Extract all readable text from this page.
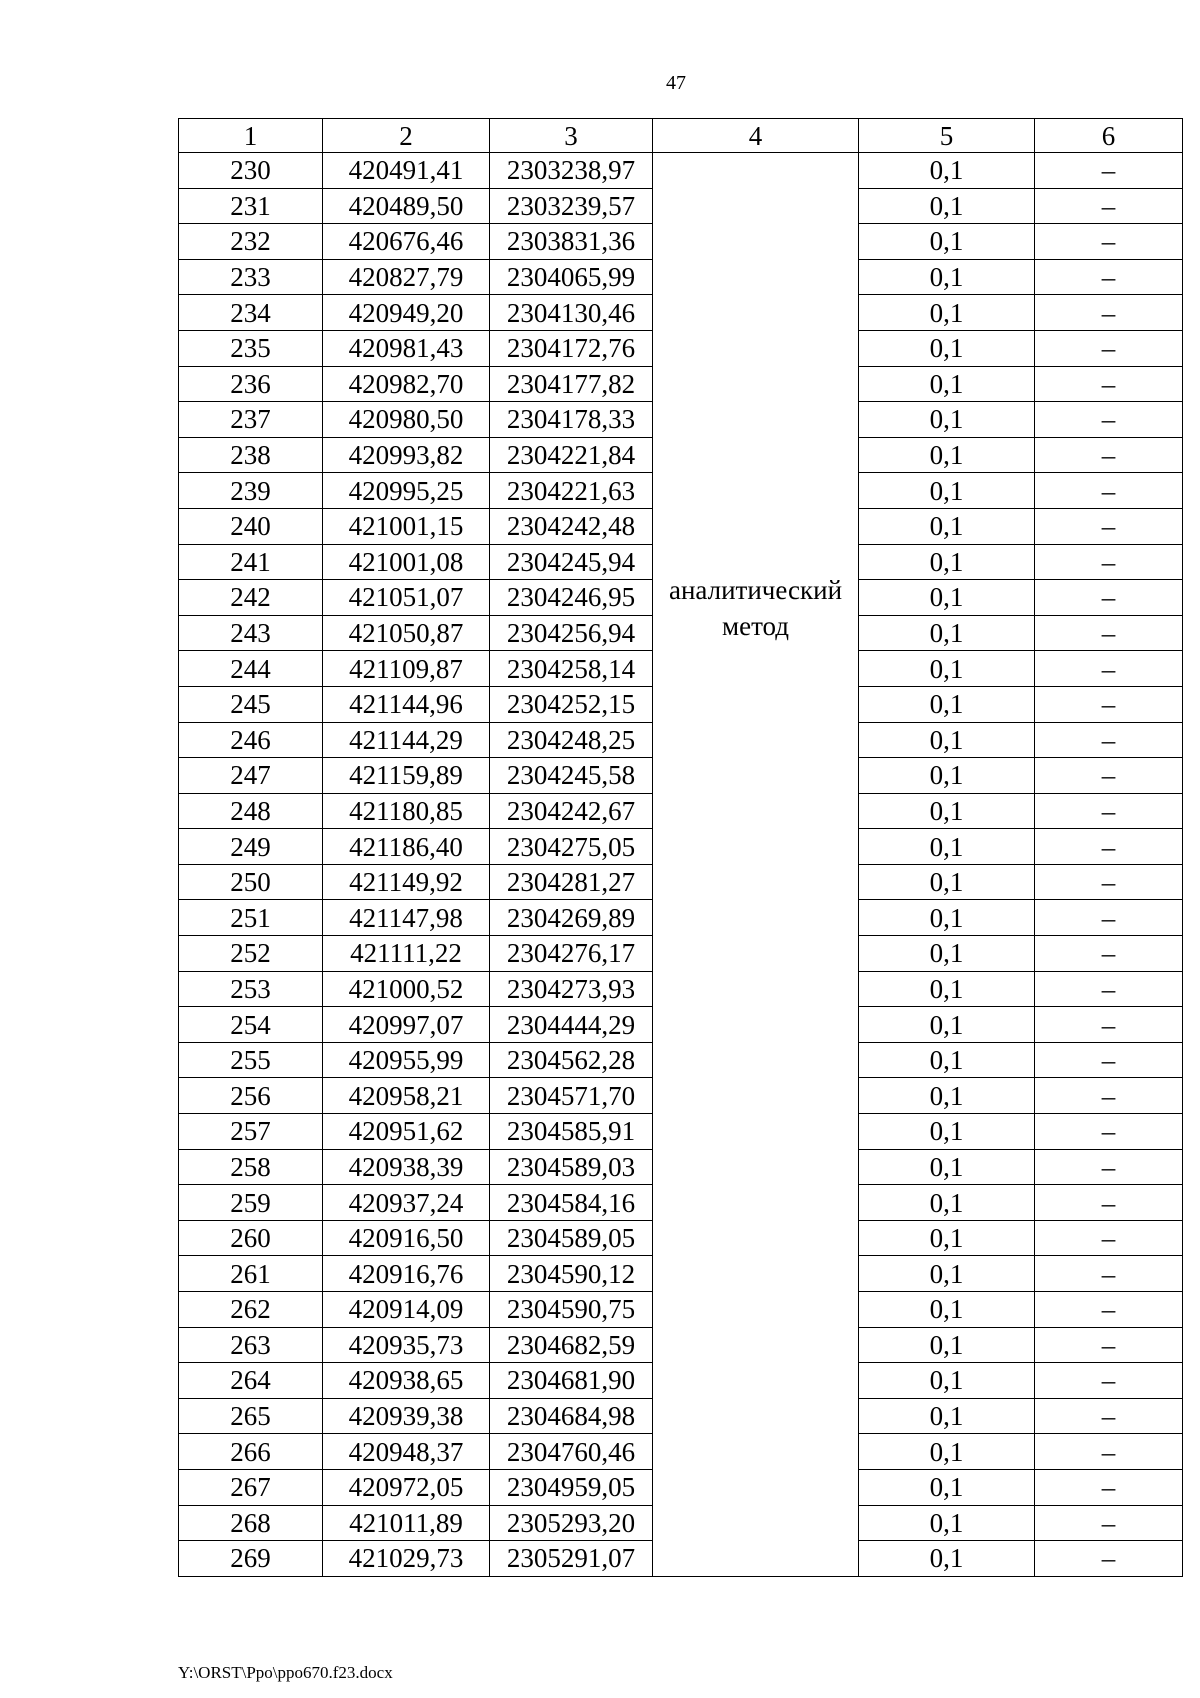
47
1	2	3	4	5	6
230	420491,41	2303238,97	аналитический метод	0,1	–
231	420489,50	2303239,57		0,1	–
232	420676,46	2303831,36		0,1	–
233	420827,79	2304065,99		0,1	–
234	420949,20	2304130,46		0,1	–
235	420981,43	2304172,76		0,1	–
236	420982,70	2304177,82		0,1	–
237	420980,50	2304178,33		0,1	–
238	420993,82	2304221,84		0,1	–
239	420995,25	2304221,63		0,1	–
240	421001,15	2304242,48		0,1	–
241	421001,08	2304245,94		0,1	–
242	421051,07	2304246,95		0,1	–
243	421050,87	2304256,94		0,1	–
244	421109,87	2304258,14		0,1	–
245	421144,96	2304252,15		0,1	–
246	421144,29	2304248,25		0,1	–
247	421159,89	2304245,58		0,1	–
248	421180,85	2304242,67		0,1	–
249	421186,40	2304275,05		0,1	–
250	421149,92	2304281,27		0,1	–
251	421147,98	2304269,89		0,1	–
252	421111,22	2304276,17		0,1	–
253	421000,52	2304273,93		0,1	–
254	420997,07	2304444,29		0,1	–
255	420955,99	2304562,28		0,1	–
256	420958,21	2304571,70		0,1	–
257	420951,62	2304585,91		0,1	–
258	420938,39	2304589,03		0,1	–
259	420937,24	2304584,16		0,1	–
260	420916,50	2304589,05		0,1	–
261	420916,76	2304590,12		0,1	–
262	420914,09	2304590,75		0,1	–
263	420935,73	2304682,59		0,1	–
264	420938,65	2304681,90		0,1	–
265	420939,38	2304684,98		0,1	–
266	420948,37	2304760,46		0,1	–
267	420972,05	2304959,05		0,1	–
268	421011,89	2305293,20		0,1	–
269	421029,73	2305291,07		0,1	–
Y:\ORST\Ppo\ppo670.f23.docx
